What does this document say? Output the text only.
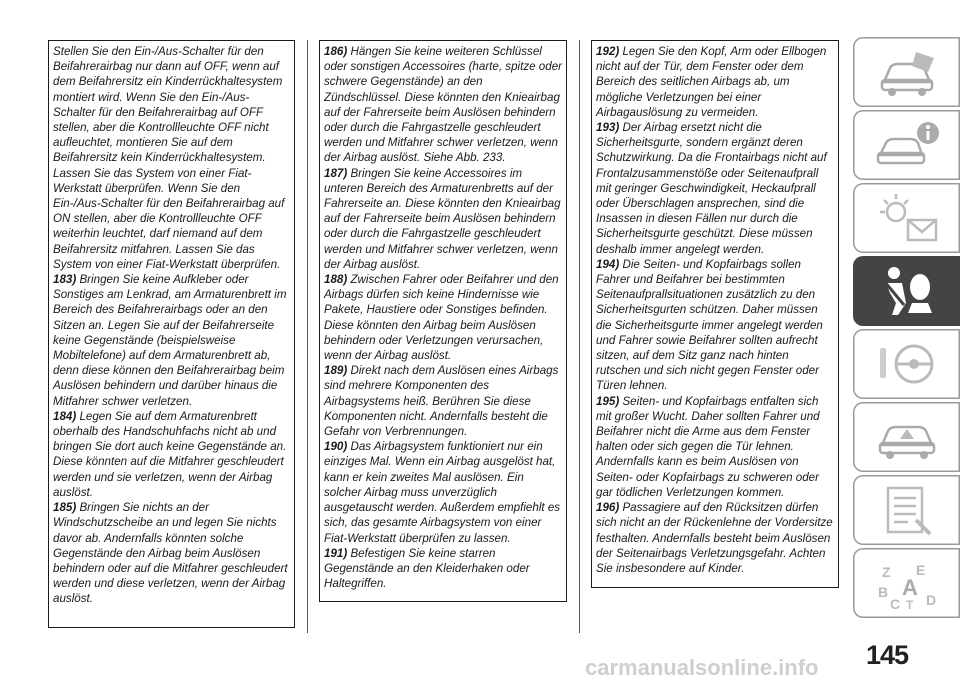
Stellen Sie den Ein-/Aus-Schalter für den Beifahrerairbag nur dann auf OFF, wenn auf dem Beifahrersitz ein Kinderrückhaltesystem montiert wird. Wenn Sie den Ein-/Aus-Schalter für den Beifahrerairbag auf OFF stellen, aber die Kontrollleuchte OFF nicht aufleuchtet, montieren Sie auf dem Beifahrersitz kein Kinderrückhaltesystem. Lassen Sie das System von einer Fiat-Werkstatt überprüfen. Wenn Sie den Ein-/Aus-Schalter für den Beifahrerairbag auf ON stellen, aber die Kontrollleuchte OFF weiterhin leuchtet, darf niemand auf dem Beifahrersitz mitfahren. Lassen Sie das System von einer Fiat-Werkstatt überprüfen.

183) Bringen Sie keine Aufkleber oder Sonstiges am Lenkrad, am Armaturenbrett im Bereich des Beifahrerairbags oder an den Sitzen an. Legen Sie auf der Beifahrerseite keine Gegenstände (beispielsweise Mobiltelefone) auf dem Armaturenbrett ab, denn diese können den Beifahrerairbag beim Auslösen behindern und darüber hinaus die Mitfahrer schwer verletzen.

184) Legen Sie auf dem Armaturenbrett oberhalb des Handschuhfachs nicht ab und bringen Sie dort auch keine Gegenstände an. Diese könnten auf die Mitfahrer geschleudert werden und sie verletzen, wenn der Airbag auslöst.

185) Bringen Sie nichts an der Windschutzscheibe an und legen Sie nichts davor ab. Andernfalls könnten solche Gegenstände den Airbag beim Auslösen behindern oder auf die Mitfahrer geschleudert werden und diese verletzen, wenn der Airbag auslöst.

186) Hängen Sie keine weiteren Schlüssel oder sonstigen Accessoires (harte, spitze oder schwere Gegenstände) an den Zündschlüssel. Diese könnten den Knieairbag auf der Fahrerseite beim Auslösen behindern oder durch die Fahrgastzelle geschleudert werden und Mitfahrer schwer verletzen, wenn der Airbag auslöst. Siehe Abb. 233.

187) Bringen Sie keine Accessoires im unteren Bereich des Armaturenbretts auf der Fahrerseite an. Diese könnten den Knieairbag auf der Fahrerseite beim Auslösen behindern oder durch die Fahrgastzelle geschleudert werden und Mitfahrer schwer verletzen, wenn der Airbag auslöst.

188) Zwischen Fahrer oder Beifahrer und den Airbags dürfen sich keine Hindernisse wie Pakete, Haustiere oder Sonstiges befinden. Diese könnten den Airbag beim Auslösen behindern oder Verletzungen verursachen, wenn der Airbag auslöst.

189) Direkt nach dem Auslösen eines Airbags sind mehrere Komponenten des Airbagsystems heiß. Berühren Sie diese Komponenten nicht. Andernfalls besteht die Gefahr von Verbrennungen.

190) Das Airbagsystem funktioniert nur ein einziges Mal. Wenn ein Airbag ausgelöst hat, kann er kein zweites Mal auslösen. Ein solcher Airbag muss unverzüglich ausgetauscht werden. Außerdem empfiehlt es sich, das gesamte Airbagsystem von einer Fiat-Werkstatt überprüfen zu lassen.

191) Befestigen Sie keine starren Gegenstände an den Kleiderhaken oder Haltegriffen.

192) Legen Sie den Kopf, Arm oder Ellbogen nicht auf der Tür, dem Fenster oder dem Bereich des seitlichen Airbags ab, um mögliche Verletzungen bei einer Airbagauslösung zu vermeiden.

193) Der Airbag ersetzt nicht die Sicherheitsgurte, sondern ergänzt deren Schutzwirkung. Da die Frontairbags nicht auf Frontalzusammenstöße oder Seitenaufprall mit geringer Geschwindigkeit, Heckaufprall oder Überschlagen ansprechen, sind die Insassen in diesen Fällen nur durch die Sicherheitsgurte geschützt. Diese müssen deshalb immer angelegt werden.

194) Die Seiten- und Kopfairbags sollen Fahrer und Beifahrer bei bestimmten Seitenaufprallsituationen zusätzlich zu den Sicherheitsgurten schützen. Daher müssen die Sicherheitsgurte immer angelegt werden und Fahrer sowie Beifahrer sollten aufrecht sitzen, auf dem Sitz ganz nach hinten rutschen und sich nicht gegen Fenster oder Türen lehnen.

195) Seiten- und Kopfairbags entfalten sich mit großer Wucht. Daher sollten Fahrer und Beifahrer nicht die Arme aus dem Fenster halten oder sich gegen die Tür lehnen. Andernfalls kann es beim Auslösen von Seiten- oder Kopfairbags zu schweren oder gar tödlichen Verletzungen kommen.

196) Passagiere auf den Rücksitzen dürfen sich nicht an der Rückenlehne der Vordersitze festhalten. Andernfalls besteht beim Auslösen der Seitenairbags Verletzungsgefahr. Achten Sie insbesondere auf Kinder.	Z E
B A
C T D
145
carmanualsonline.info
